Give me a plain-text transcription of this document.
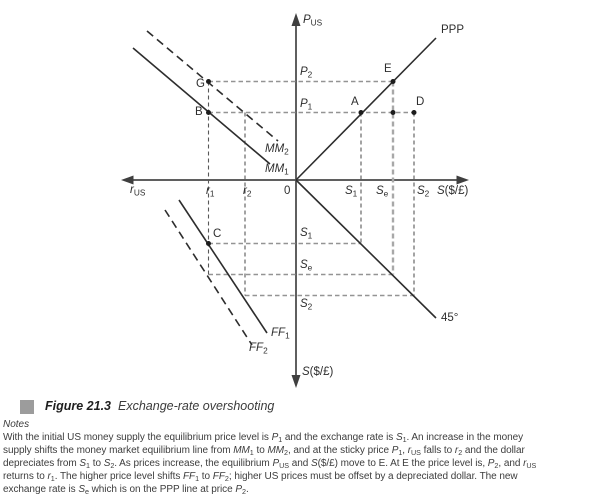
$P_{US}$
PPP
$r_{US}$	0
$r_1$ $r_2$	$S_1$ $S_e$ $S_2$ S($/£)
$P_2$
$P_1$
$S_1$
$S_e$
$S_2$
$MM_2$
$MM_1$
$FF_1$
$FF_2$
45°
S($/£)
G
B
C
A
E
D
Figure 21.3 Exchange-rate overshooting
Notes
With the initial US money supply the equilibrium price level is $P_1$ and the exchange rate is $S_1$. An increase in the money
supply shifts the money market equilibrium line from $MM_1$ to $MM_2$, and at the sticky price $P_1$, $r_{US}$ falls to $r_2$ and the dollar
depreciates from $S_1$ to $S_2$. As prices increase, the equilibrium $P_{US}$ and S($/£) move to E. At E the price level is, $P_2$, and $r_{US}$
returns to $r_1$. The higher price level shifts $FF_1$ to $FF_2$; higher US prices must be offset by a depreciated dollar. The new
exchange rate is $S_e$ which is on the PPP line at price $P_2$.
